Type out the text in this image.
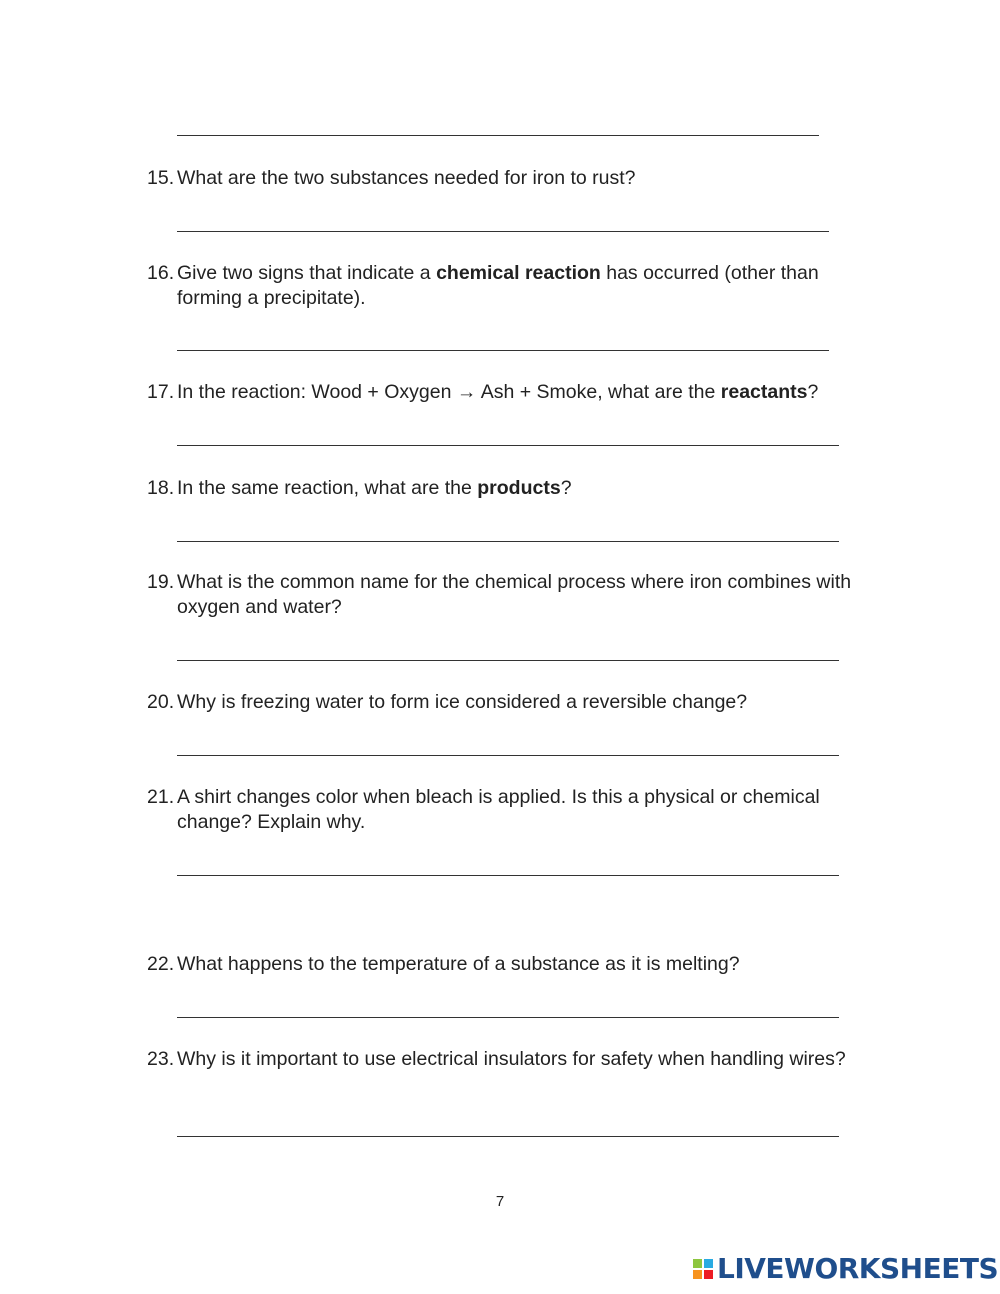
15. What are the two substances needed for iron to rust?
16. Give two signs that indicate a chemical reaction has occurred (other than forming a precipitate).
17. In the reaction: Wood + Oxygen → Ash + Smoke, what are the reactants?
18. In the same reaction, what are the products?
19. What is the common name for the chemical process where iron combines with oxygen and water?
20. Why is freezing water to form ice considered a reversible change?
21. A shirt changes color when bleach is applied. Is this a physical or chemical change? Explain why.
22. What happens to the temperature of a substance as it is melting?
23. Why is it important to use electrical insulators for safety when handling wires?
7
LIVEWORKSHEETS
